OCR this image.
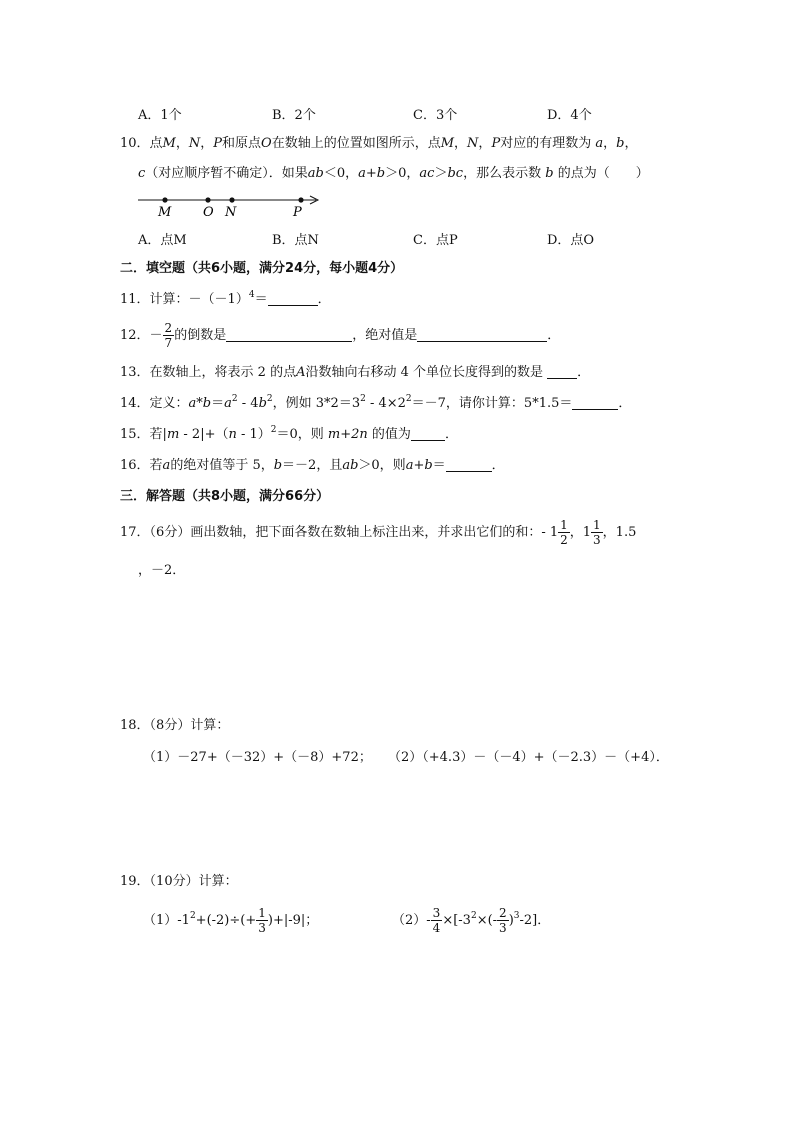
A．1个	B．2个	C．3个	D．4个
10．点M，N，P和原点O在数轴上的位置如图所示，点M，N，P对应的有理数为 a，b，
c（对应顺序暂不确定）．如果ab＜0，a+b＞0，ac＞bc，那么表示数 b 的点为（　　）
M O N	P
A．点M	B．点N	C．点P	D．点O
二．填空题（共6小题，满分24分，每小题4分）
11．计算：$-(-1)^4=$	．
12．－ $\frac{2}{7}$ 的倒数是	，绝对值是	．
13．在数轴上，将表示 2 的点A沿数轴向右移动 4 个单位长度得到的数是 ．
14．定义：$a*b=a^2 - 4b^2$，例如 $3*2=3^2 - 4\times 2^2=-7$，请你计算：5*1.5＝	．
15．若|m - 2|+（n - 1）$^2$＝0，则 m+2n 的值为	．
16．若a的绝对值等于 5，b＝－2，且ab＞0，则a+b＝	．
三．解答题（共8小题，满分66分）
17．（6分）画出数轴，把下面各数在数轴上标注出来，并求出它们的和：- $1 \frac{1}{2}$ ，$1 \frac{1}{3}$ ，1.5
，－2．
18．（8分）计算：
（1）－27+（－32）+（－8）+72； （2）（+4.3）－（－4）+（－2.3）－（+4）．
19．（10分）计算：
$(1)-1^2+(-2)\div(+ \frac{1}{3} )+|-9|$；	$(2)- \frac{3}{4} \times[-3^2\times(- \frac{2}{3} )^3-2]$．
